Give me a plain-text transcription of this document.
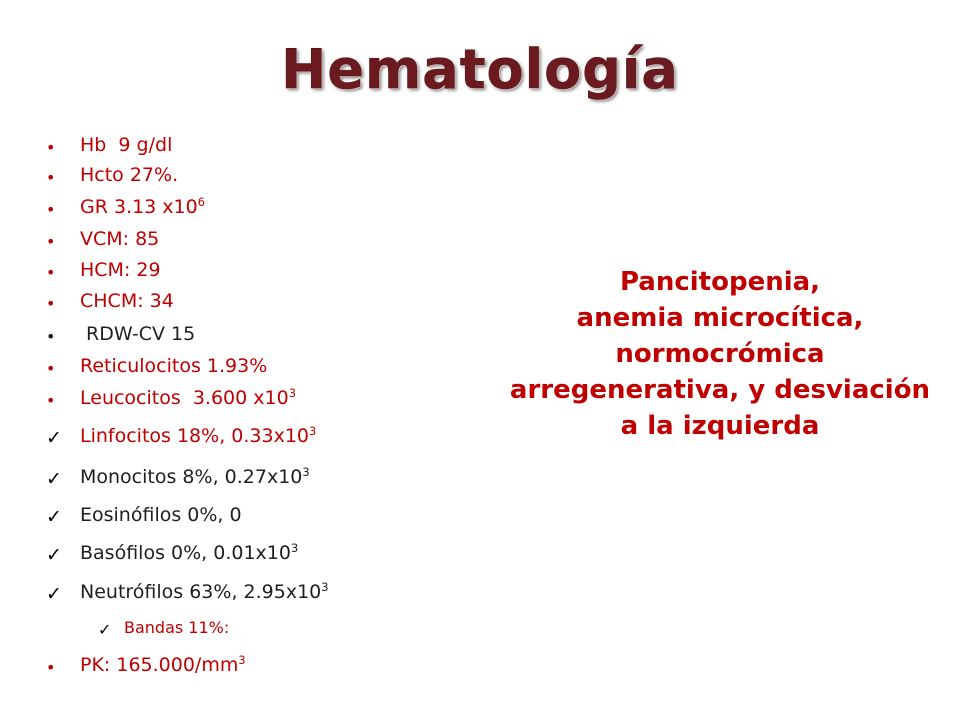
Hematología
• Hb  9 g/dl
• Hcto 27%.
• GR 3.13 $x10^6$
• VCM: 85
• HCM: 29
• CHCM: 34
• RDW-CV 15
• Reticulocitos 1.93%
• Leucocitos  3.600 $x10^3$
✓ Linfocitos 18%, $0.33x10^3$
✓ Monocitos 8%, $0.27x10^3$
✓ Eosinófilos 0%, 0
✓ Basófilos 0%, $0.01x10^3$
✓ Neutrófilos 63%, $2.95x10^3$
✓ Bandas 11%:
• PK: $165.000/mm^3$
Pancitopenia,
anemia microcítica,
normocrómica
arregenerativa, y desviación
a la izquierda
